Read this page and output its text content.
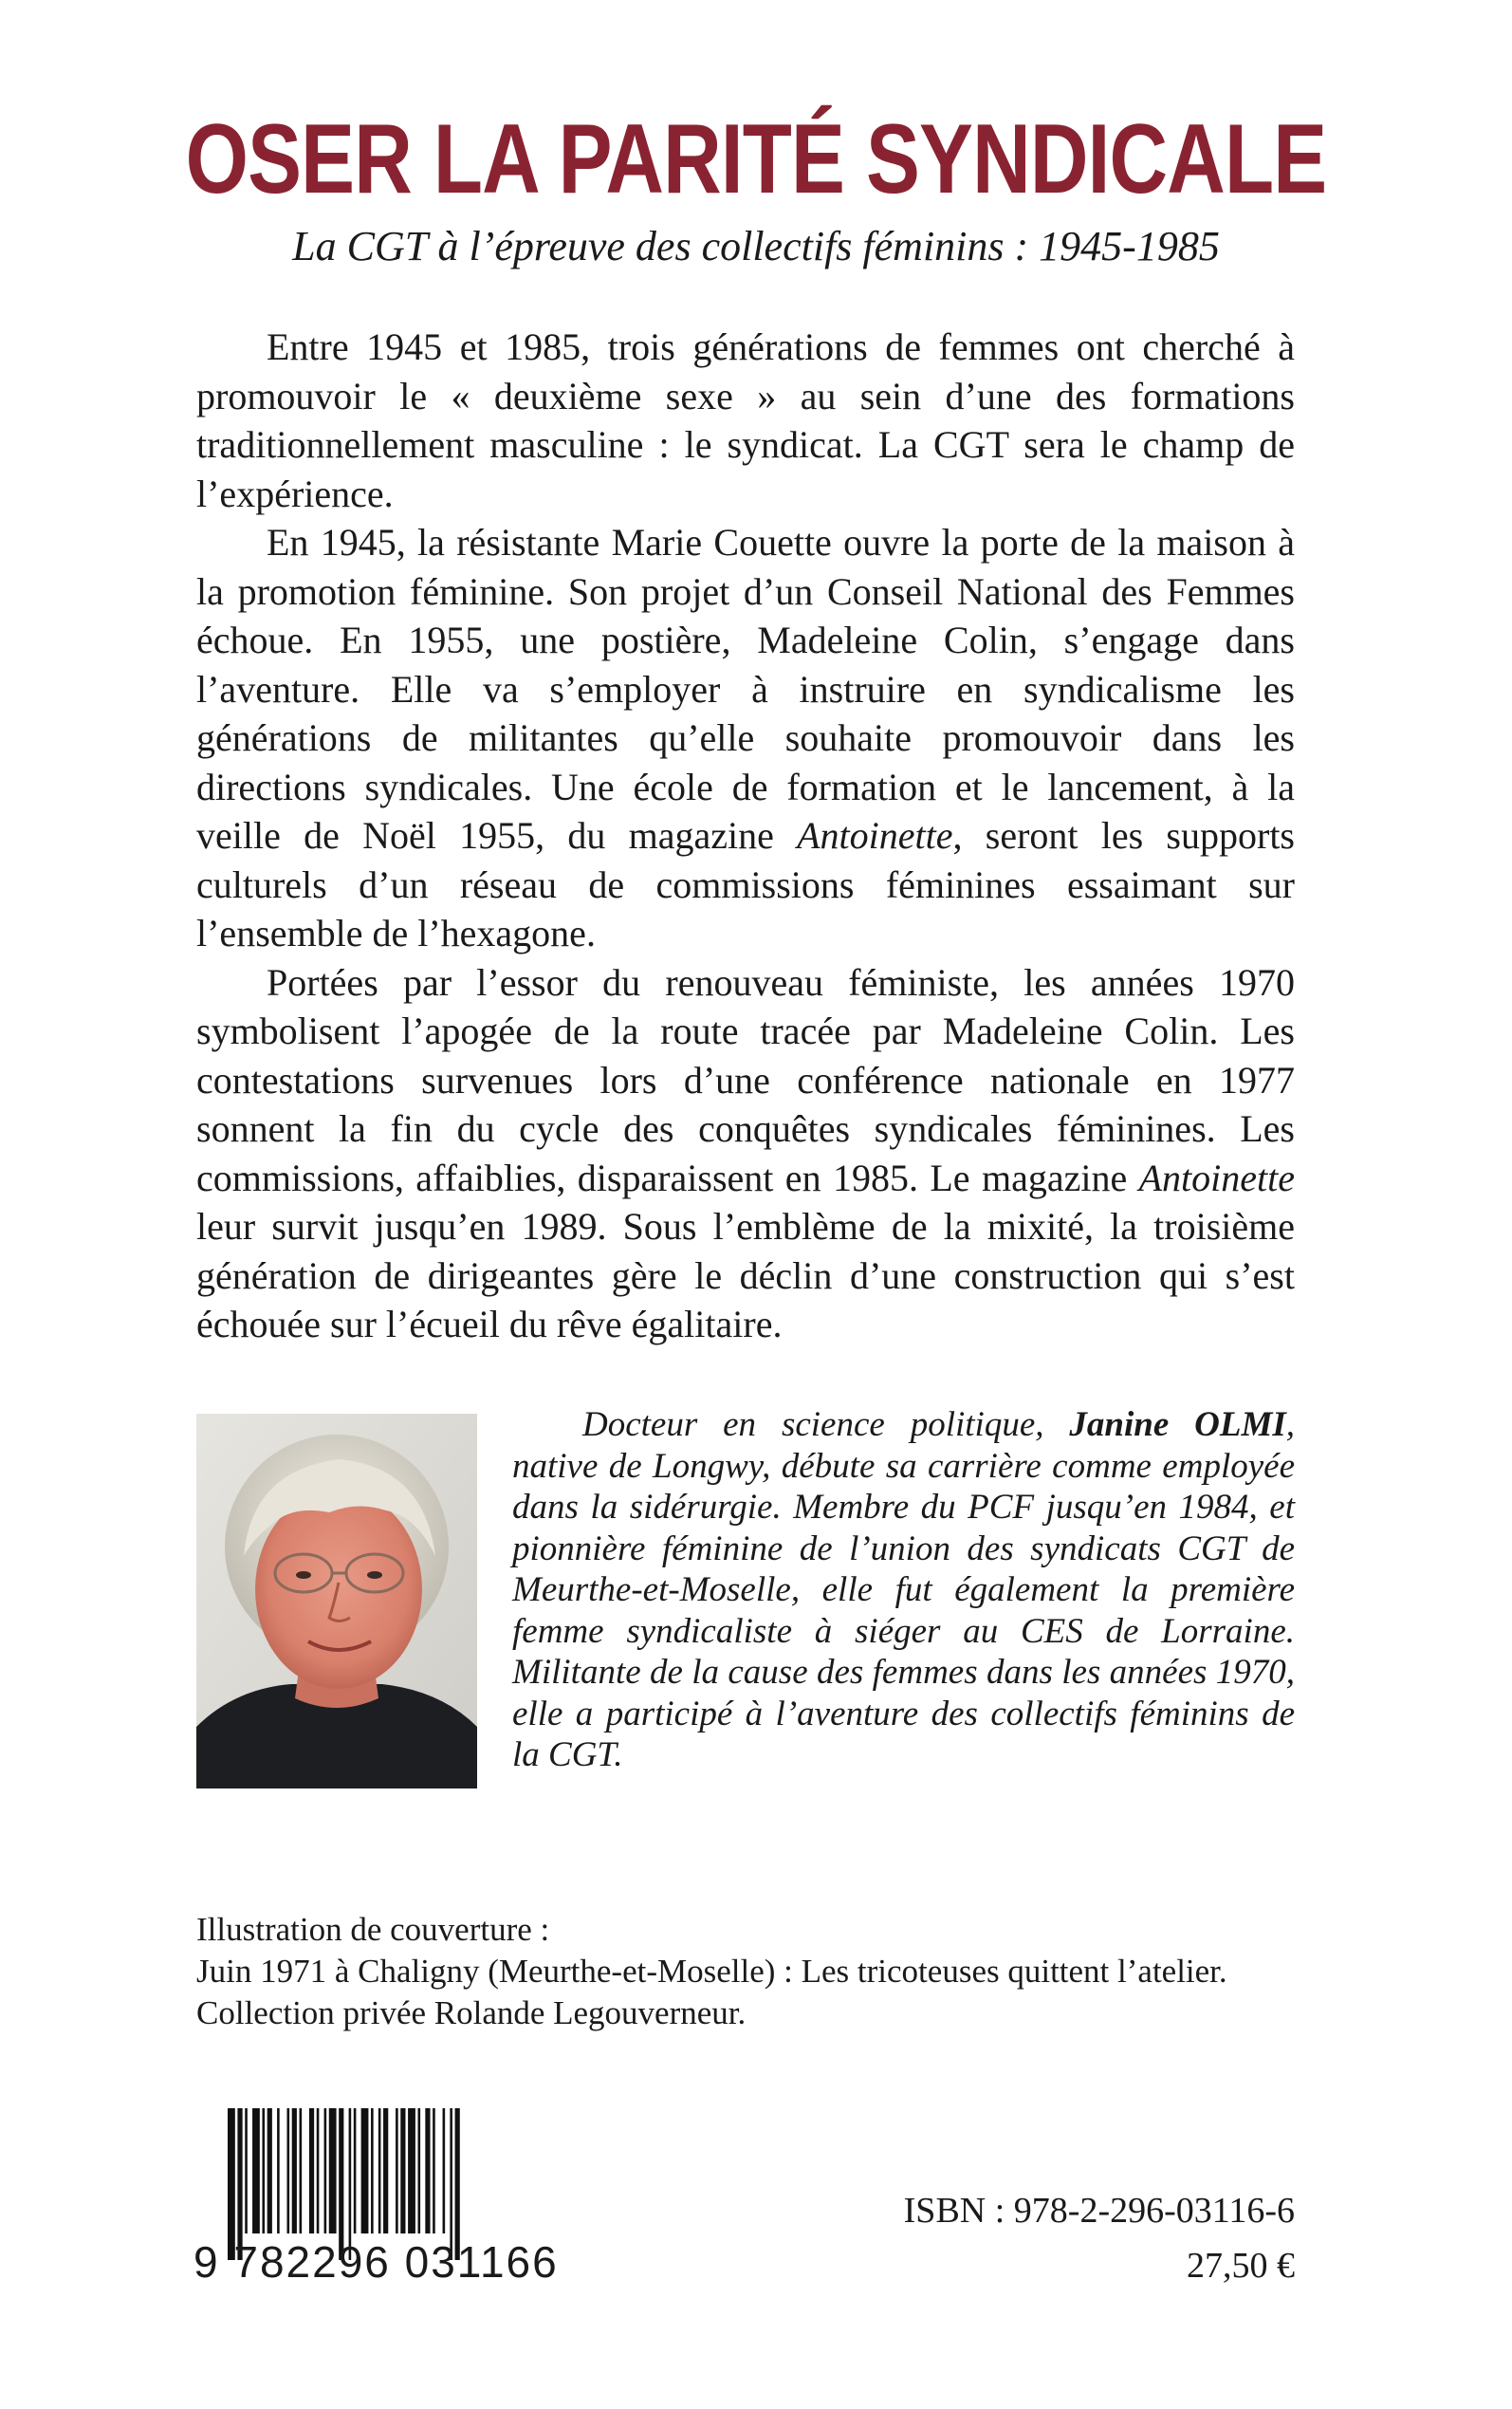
OSER LA PARITÉ SYNDICALE
La CGT à l’épreuve des collectifs féminins : 1945-1985

Entre 1945 et 1985, trois générations de femmes ont cherché à promouvoir le « deuxième sexe » au sein d’une des formations traditionnellement masculine : le syndicat. La CGT sera le champ de l’expérience.

En 1945, la résistante Marie Couette ouvre la porte de la maison à la promotion féminine. Son projet d’un Conseil National des Femmes échoue. En 1955, une postière, Madeleine Colin, s’engage dans l’aventure. Elle va s’employer à instruire en syndicalisme les générations de militantes qu’elle souhaite promouvoir dans les directions syndicales. Une école de formation et le lancement, à la veille de Noël 1955, du magazine Antoinette, seront les supports culturels d’un réseau de commissions féminines essaimant sur l’ensemble de l’hexagone.

Portées par l’essor du renouveau féministe, les années 1970 symbolisent l’apogée de la route tracée par Madeleine Colin. Les contestations survenues lors d’une conférence nationale en 1977 sonnent la fin du cycle des conquêtes syndicales féminines. Les commissions, affaiblies, disparaissent en 1985. Le magazine Antoinette leur survit jusqu’en 1989. Sous l’emblème de la mixité, la troisième génération de dirigeantes gère le déclin d’une construction qui s’est échouée sur l’écueil du rêve égalitaire.

Docteur en science politique, Janine OLMI, native de Longwy, débute sa carrière comme employée dans la sidérurgie. Membre du PCF jusqu’en 1984, et pionnière féminine de l’union des syndicats CGT de Meurthe-et-Moselle, elle fut également la première femme syndicaliste à siéger au CES de Lorraine. Militante de la cause des femmes dans les années 1970, elle a participé à l’aventure des collectifs féminins de la CGT.

Illustration de couverture :
Juin 1971 à Chaligny (Meurthe-et-Moselle) : Les tricoteuses quittent l’atelier.
Collection privée Rolande Legouverneur.
9 782296 031166
ISBN : 978-2-296-03116-6
27,50 €
